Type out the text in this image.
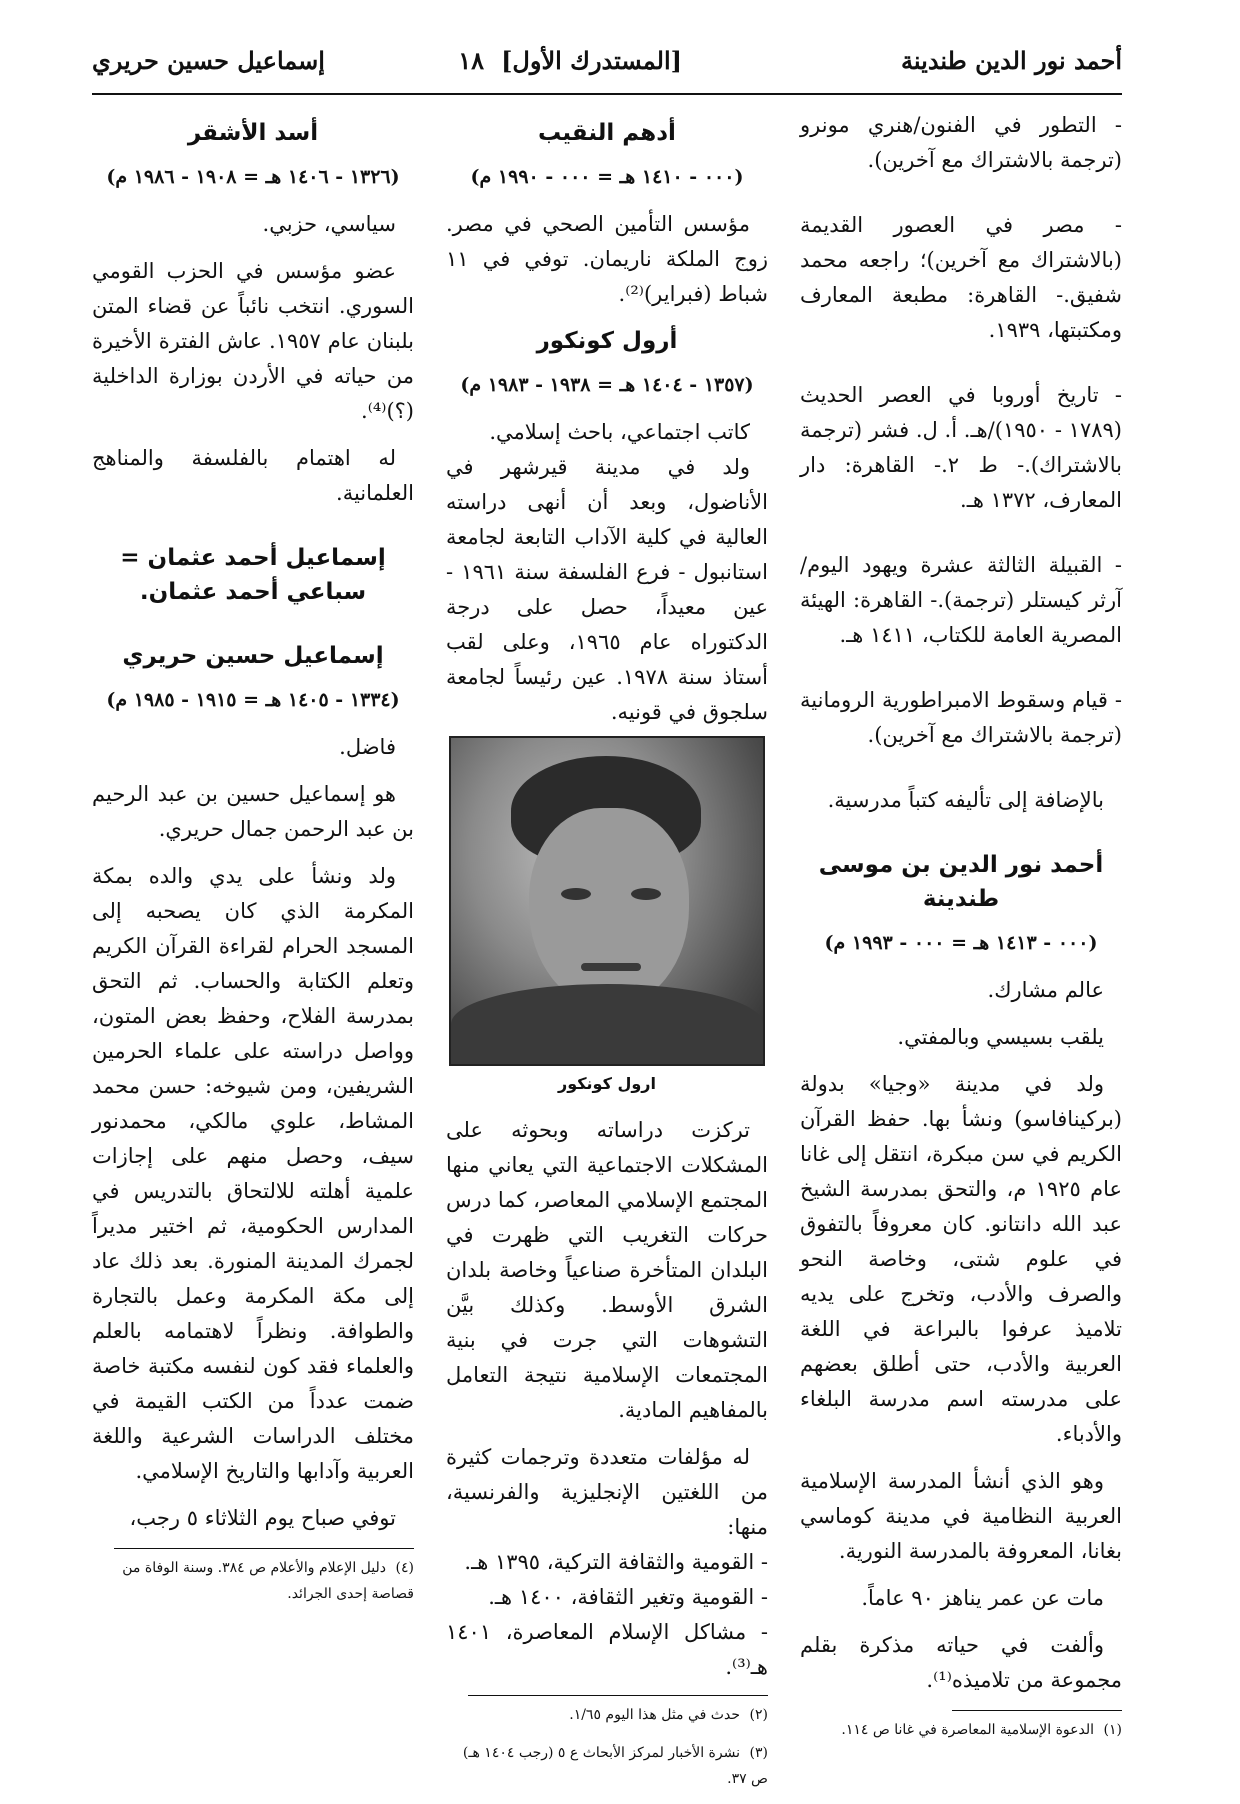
أحمد نور الدين طندينة
[المستدرك الأول]
١٨
إسماعيل حسين حريري

- التطور في الفنون/هنري مونرو (ترجمة بالاشتراك مع آخرين).

- مصر في العصور القديمة (بالاشتراك مع آخرين)؛ راجعه محمد شفيق.- القاهرة: مطبعة المعارف ومكتبتها، ١٩٣٩.

- تاريخ أوروبا في العصر الحديث (١٧٨٩ - ١٩٥٠)/هـ. أ. ل. فشر (ترجمة بالاشتراك).- ط ٢.- القاهرة: دار المعارف، ١٣٧٢ هـ.

- القبيلة الثالثة عشرة ويهود اليوم/ آرثر كيستلر (ترجمة).- القاهرة: الهيئة المصرية العامة للكتاب، ١٤١١ هـ.

- قيام وسقوط الامبراطورية الرومانية (ترجمة بالاشتراك مع آخرين).

بالإضافة إلى تأليفه كتباً مدرسية.

أحمد نور الدين بن موسى طندينة

(٠٠٠ - ١٤١٣ هـ = ٠٠٠ - ١٩٩٣ م)

عالم مشارك.

يلقب بسيسي وبالمفتي.

ولد في مدينة «وجيا» بدولة (بركينافاسو) ونشأ بها. حفظ القرآن الكريم في سن مبكرة، انتقل إلى غانا عام ١٩٢٥ م، والتحق بمدرسة الشيخ عبد الله دانتانو. كان معروفاً بالتفوق في علوم شتى، وخاصة النحو والصرف والأدب، وتخرج على يديه تلاميذ عرفوا بالبراعة في اللغة العربية والأدب، حتى أطلق بعضهم على مدرسته اسم مدرسة البلغاء والأدباء.

وهو الذي أنشأ المدرسة الإسلامية العربية النظامية في مدينة كوماسي بغانا، المعروفة بالمدرسة النورية.

مات عن عمر يناهز ٩٠ عاماً.

وألفت في حياته مذكرة بقلم مجموعة من تلاميذه⁽¹⁾.

(١)الدعوة الإسلامية المعاصرة في غانا ص ١١٤.

أدهم النقيب

(٠٠٠ - ١٤١٠ هـ = ٠٠٠ - ١٩٩٠ م)

مؤسس التأمين الصحي في مصر. زوج الملكة ناريمان. توفي في ١١ شباط (فبراير)⁽²⁾.

أرول كونكور

(١٣٥٧ - ١٤٠٤ هـ = ١٩٣٨ - ١٩٨٣ م)

كاتب اجتماعي، باحث إسلامي.

ولد في مدينة قيرشهر في الأناضول، وبعد أن أنهى دراسته العالية في كلية الآداب التابعة لجامعة استانبول - فرع الفلسفة سنة ١٩٦١ - عين معيداً، حصل على درجة الدكتوراه عام ١٩٦٥، وعلى لقب أستاذ سنة ١٩٧٨. عين رئيساً لجامعة سلجوق في قونيه.

ارول كونكور

تركزت دراساته وبحوثه على المشكلات الاجتماعية التي يعاني منها المجتمع الإسلامي المعاصر، كما درس حركات التغريب التي ظهرت في البلدان المتأخرة صناعياً وخاصة بلدان الشرق الأوسط. وكذلك بيَّن التشوهات التي جرت في بنية المجتمعات الإسلامية نتيجة التعامل بالمفاهيم المادية.

له مؤلفات متعددة وترجمات كثيرة من اللغتين الإنجليزية والفرنسية، منها:

- القومية والثقافة التركية، ١٣٩٥ هـ.

- القومية وتغير الثقافة، ١٤٠٠ هـ.

- مشاكل الإسلام المعاصرة، ١٤٠١ هـ⁽³⁾.

(٢)حدث في مثل هذا اليوم ١/٦٥.

(٣)نشرة الأخبار لمركز الأبحاث ع ٥ (رجب ١٤٠٤ هـ) ص ٣٧.

أسد الأشقر

(١٣٢٦ - ١٤٠٦ هـ = ١٩٠٨ - ١٩٨٦ م)

سياسي، حزبي.

عضو مؤسس في الحزب القومي السوري. انتخب نائباً عن قضاء المتن بلبنان عام ١٩٥٧. عاش الفترة الأخيرة من حياته في الأردن بوزارة الداخلية (؟)⁽⁴⁾.

له اهتمام بالفلسفة والمناهج العلمانية.

إسماعيل أحمد عثمان = سباعي أحمد عثمان.
إسماعيل حسين حريري

(١٣٣٤ - ١٤٠٥ هـ = ١٩١٥ - ١٩٨٥ م)

فاضل.

هو إسماعيل حسين بن عبد الرحيم بن عبد الرحمن جمال حريري.

ولد ونشأ على يدي والده بمكة المكرمة الذي كان يصحبه إلى المسجد الحرام لقراءة القرآن الكريم وتعلم الكتابة والحساب. ثم التحق بمدرسة الفلاح، وحفظ بعض المتون، وواصل دراسته على علماء الحرمين الشريفين، ومن شيوخه: حسن محمد المشاط، علوي مالكي، محمدنور سيف، وحصل منهم على إجازات علمية أهلته للالتحاق بالتدريس في المدارس الحكومية، ثم اختير مديراً لجمرك المدينة المنورة. بعد ذلك عاد إلى مكة المكرمة وعمل بالتجارة والطوافة. ونظراً لاهتمامه بالعلم والعلماء فقد كون لنفسه مكتبة خاصة ضمت عدداً من الكتب القيمة في مختلف الدراسات الشرعية واللغة العربية وآدابها والتاريخ الإسلامي.

توفي صباح يوم الثلاثاء ٥ رجب،

(٤)دليل الإعلام والأعلام ص ٣٨٤. وسنة الوفاة من قصاصة إحدى الجرائد.
